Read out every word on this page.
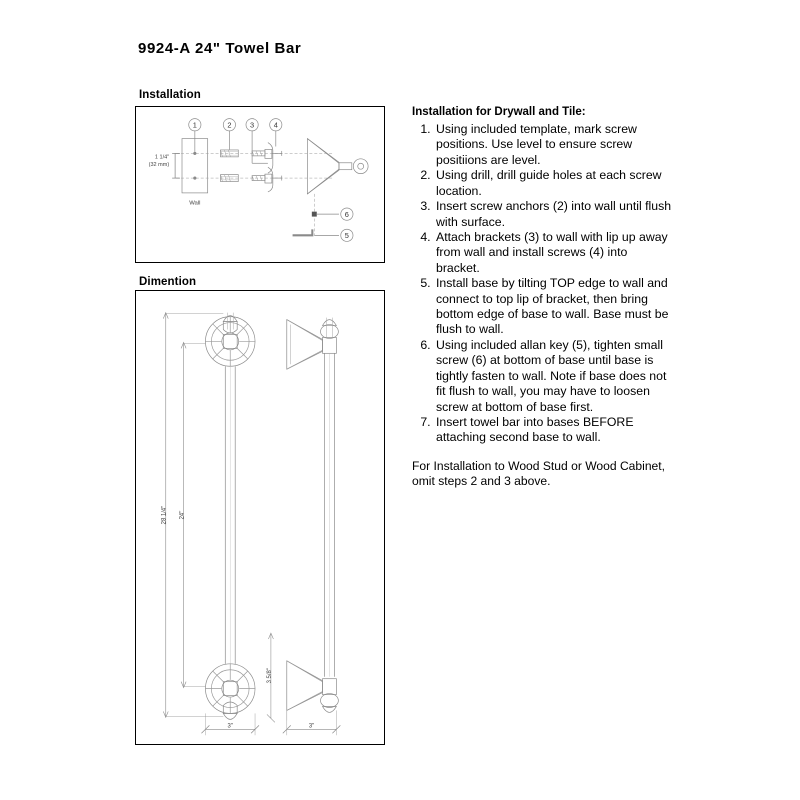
9924-A 24" Towel Bar
Installation
1	2 3	4
5
6
1 1/4"
(32 mm)
Wall
Dimention
28 1/4" 24"
3 5/8"
3"	3"
Installation for Drywall and Tile:
1. Using included template, mark screw positions. Use level to ensure screw positiions are level.
2. Using drill, drill guide holes at each screw location.
3. Insert screw anchors (2) into wall until flush with surface.
4. Attach brackets (3) to wall with lip up away from wall and install screws (4) into bracket.
5. Install base by tilting TOP edge to wall and connect to top lip of bracket, then bring bottom edge of base to wall. Base must be flush to wall.
6. Using included allan key (5), tighten small screw (6) at bottom of base until base is tightly fasten to wall. Note if base does not fit flush to wall, you may have to loosen screw at bottom of base first.
7. Insert towel bar into bases BEFORE attaching second base to wall.
For Installation to Wood Stud or Wood Cabinet, omit steps 2 and 3 above.
